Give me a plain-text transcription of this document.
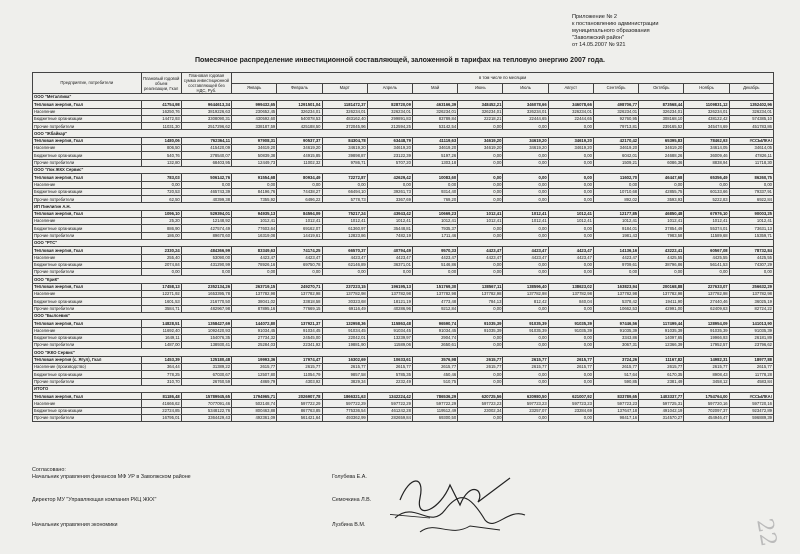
Приложение № 2
к постановлению администрации
муниципального образования
"Заволжский район"
от 14.05.2007 № 921
Помесячное распределение инвестиционной составляющей, заложенной в тарифах на тепловую энергию 2007 года.
Предприятие, потребители	Плановый годовой объем реализации, Гкал	Плановая годовая сумма инвестиционной составляющей без НДС, Руб.	в том числе по месяцам											
			Январь	Февраль	Март	Апрель	Май	Июнь	Июль	Август	Сентябрь	Октябрь	Ноябрь	Декабрь
ООО "Металлика"														
Тепловая энергия, Гкал	41754,98	9644613,34	999432,65	1291501,04	1181472,37	828720,09	463166,39	348452,21	346078,66	346078,66	498706,77	873568,44	1109831,12	1352402,96
Население	16250,76	3819226,63	230652,45	326234,01	326234,01	326234,01	326234,01	326234,01	326234,01	326234,01	326234,01	326234,01	326234,01	326234,01
Бюджетные организации	14472,93	3308090,31	430592,60	540078,53	483162,40	299891,83	83789,84	22218,21	22444,65	22444,65	92760,95	308168,10	438122,42	574385,10
Прочие потребители	11031,30	2517296,62	338187,59	425188,50	372045,96	212594,25	53142,54	0,00	0,00	0,00	79713,81	239165,52	345474,69	451783,86
ООО "Жбайкар"														
Тепловая энергия, Гкал	1480,06	762364,11	97908,31	90537,37	84304,78	63448,79	41119,63	34619,20	34619,20	34619,20	42170,42	65395,83	78462,93	#ССЫЛКА!
Население	806,50	415420,09	34619,20	34619,20	34619,20	34619,20	34619,20	34619,20	34619,20	34619,20	34619,20	34619,20	34614,05	34614,05
Бюджетные организации	540,76	278540,07	50839,38	44915,85	39898,87	23122,39	5197,26	0,00	0,00	0,00	6042,01	24688,26	36009,46	47826,11
Прочие потребители	132,80	68403,95	12449,73	11002,32	9786,71	5707,20	1303,18	0,00	0,00	0,00	1509,21	6086,36	8838,94	11718,30
ООО "Лок ЖКХ Сервис"														
Тепловая энергия, Гкал	783,03	506142,76	91554,68	80934,49	72272,87	42629,42	10083,60	0,00	0,00	0,00	11602,70	46447,68	65356,49	86260,75
Население	0,00	0,00	0,00	0,00	0,00	0,00	0,00	0,00	0,00	0,00	0,00	0,00	0,00	0,00
Бюджетные организации	720,53	465743,39	84196,76	74438,27	66494,10	39261,73	9314,40	0,00	0,00	0,00	10710,68	42855,75	60133,66	79337,91
Прочие потребители	62,50	40399,38	7355,92	6496,22	5778,73	3367,69	769,20	0,00	0,00	0,00	892,02	3593,93	5222,83	6922,84
ИП Пиелигин А.Н.														
Тепловая энергия, Гкал	1096,10	529394,01	94935,13	84594,09	75217,24	43943,42	10669,23	1012,41	1012,41	1012,41	12177,85	46850,48	67976,10	90003,25
Население	25,20	12148,92	1012,41	1012,41	1012,41	1012,41	1012,41	1012,41	1012,41	1012,41	1012,41	1012,41	1012,41	1012,41
Бюджетные организации	886,90	427574,49	77603,64	69162,07	61360,97	35448,81	7935,37	0,00	0,00	0,00	9184,01	37854,49	55374,01	73631,13
Прочие потребители	186,00	89670,60	16319,08	14419,61	12823,86	7482,19	1711,46	0,00	0,00	0,00	1981,43	7983,58	11589,68	15359,71
ООО "РТС"														
Тепловая энергия, Гкал	2330,24	484366,99	83349,63	74174,25	66570,37	40794,49	9570,33	4423,47	4423,47	4423,47	14136,16	43222,41	60567,08	78732,84
Население	255,40	53090,00	4423,47	4423,47	4423,47	4423,47	4423,47	4423,47	4423,47	4423,47	4423,47	4425,55	4425,55	4425,55
Бюджетные организации	2074,84	431290,99	78926,16	69750,78	62146,89	36371,01	5146,86	0,00	0,00	0,00	9709,61	38796,86	56141,53	74307,29
Прочие потребители	0,00	0,00	0,00	0,00	0,00	0,00	0,00	0,00	0,00	0,00	0,00	0,00	0,00	0,00
ООО "КриК"														
Тепловая энергия, Гкал	17458,13	2352134,26	263719,15	249270,71	237223,15	196195,13	151769,30	138567,11	138596,40	138623,02	163823,94	200168,88	227633,07	256632,29
Население	12271,92	1653395,78	137782,98	137782,98	137782,98	137782,98	137782,98	137782,98	137782,98	137782,98	137782,98	137782,98	137782,98	137782,98
Бюджетные организации	1601,53	216770,50	38041,02	33818,58	30323,68	18121,19	4773,48	784,13	812,42	840,04	5378,42	19411,90	27440,46	36025,19
Прочие потребители	3584,71	482967,98	87895,16	77669,15	69116,49	40286,96	9212,84	0,00	0,00	0,00	10662,53	42991,00	62409,63	82724,22
ООО "Былсевик"														
Тепловая энергия, Гкал	14828,51	1358427,69	144072,80	137921,37	132958,36	115863,48	96590,74	91035,39	91035,39	91035,39	97446,56	117499,44	128954,09	141013,90
Население	11692,40	1092420,93	91034,45	91034,45	91034,45	91034,45	91034,45	91035,39	91035,39	91035,39	91035,39	91035,39	91035,39	91035,39
Бюджетные организации	1649,11	154076,35	27734,32	24545,00	22042,01	13239,97	2904,74	0,00	0,00	0,00	3343,86	14097,65	19966,93	26181,89
Прочие потребители	1487,00	138930,41	25284,03	22341,92	19881,90	11589,06	2650,61	0,00	0,00	0,00	3067,31	12366,39	17952,57	23796,62
ООО "ЖКО Сервис"														
Тепловая энергия (с. Ягул), Гкал	1453,39	125180,48	19993,36	17974,47	16302,69	10633,61	3576,98	2615,77	2615,77	2615,77	3724,26	11167,82	14982,31	18977,88
Население (производство)	364,44	31389,22	2615,77	2615,77	2615,77	2615,77	2615,77	2615,77	2615,77	2615,77	2615,77	2615,77	2615,77	2615,77
Бюджетные организации	778,25	67030,67	12507,80	11054,79	9857,58	5785,35	450,46	0,00	0,00	0,00	517,64	6170,35	8908,43	11778,28
Прочие потребители	310,70	26760,59	4869,79	4303,92	3829,34	2232,49	510,75	0,00	0,00	0,00	590,85	2381,49	3458,12	4583,84
ИТОГО														
Тепловая энергия, Гкал	81186,48	15789945,65	1794965,71	2026907,78	1866321,63	1342224,42	786536,29	620725,56	620980,50	621007,92	833789,65	1403337,77	1754764,00	#ССЫЛКА!
Население	41666,62	7077091,46	502148,74	597722,29	597722,29	597722,29	597722,29	597723,23	597723,23	597723,23	597723,23	597725,31	597720,16	597720,16
Бюджетные организации	22724,85	5348122,76	800463,88	867763,85	775336,54	461242,28	119512,49	23002,34	23257,07	23284,69	137647,18	491042,19	702097,37	923472,89
Прочие потребители	16795,01	3364429,43	492361,09	561421,64	493362,99	282659,84	69300,50	0,00	0,00	0,00	98417,16	314570,27	454946,47	596889,39
Согласовано:
Начальник управления финансов МФ УР в Заволжском районе
Директор МУ "Управляющая компания РКЦ ЖКХ"
Начальник управления экономики
Голубева Е.А.
Семочкина Л.В.
Лузбина В.М.	22
